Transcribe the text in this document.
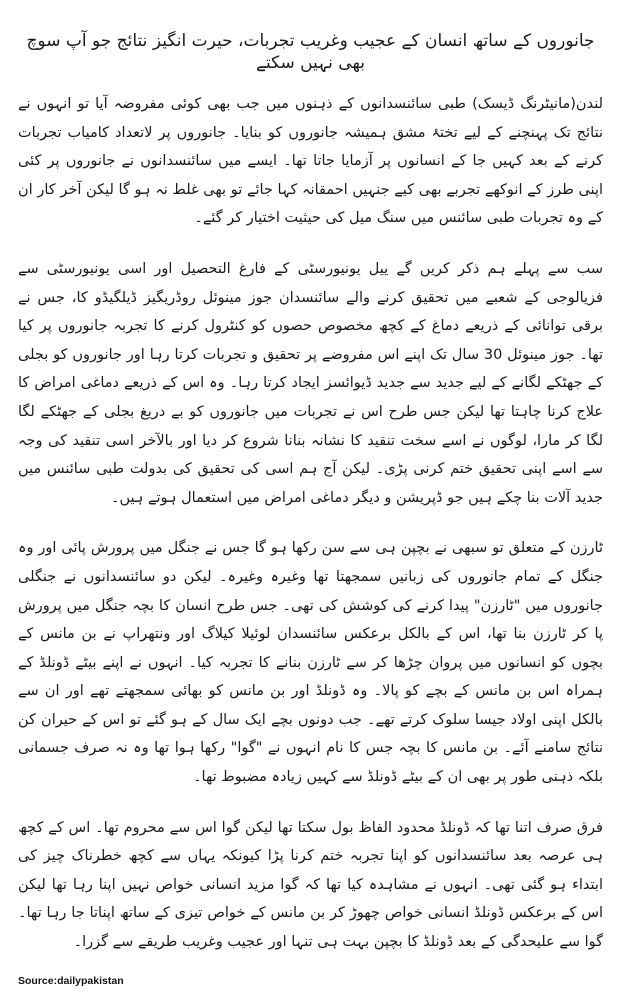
جانوروں کے ساتھ انسان کے عجیب وغریب تجربات، حیرت انگیز نتائج جو آپ سوچ بھی نہیں سکتے

لندن(مانیٹرنگ ڈیسک) طبی سائنسدانوں کے ذہنوں میں جب بھی کوئی مفروضہ آیا تو انہوں نے نتائج تک پہنچنے کے لیے تختۂ مشق ہمیشہ جانوروں کو بنایا۔ جانوروں پر لاتعداد کامیاب تجربات کرنے کے بعد کہیں جا کے انسانوں پر آزمایا جاتا تھا۔ ایسے میں سائنسدانوں نے جانوروں پر کئی اپنی طرز کے انوکھے تجربے بھی کیے جنہیں احمقانہ کہا جائے تو بھی غلط نہ ہو گا لیکن آخر کار ان کے وہ تجربات طبی سائنس میں سنگ میل کی حیثیت اختیار کر گئے۔

سب سے پہلے ہم ذکر کریں گے ییل یونیورسٹی کے فارغ التحصیل اور اسی یونیورسٹی سے فزیالوجی کے شعبے میں تحقیق کرنے والے سائنسدان جوز مینوئل روڈریگیز ڈیلگیڈو کا، جس نے برقی توانائی کے ذریعے دماغ کے کچھ مخصوص حصوں کو کنٹرول کرنے کا تجربہ جانوروں پر کیا تھا۔ جوز مینوئل 30 سال تک اپنے اس مفروضے پر تحقیق و تجربات کرتا رہا اور جانوروں کو بجلی کے جھٹکے لگانے کے لیے جدید سے جدید ڈیوائسز ایجاد کرتا رہا۔ وہ اس کے ذریعے دماغی امراض کا علاج کرنا چاہتا تھا لیکن جس طرح اس نے تجربات میں جانوروں کو بے دریغ بجلی کے جھٹکے لگا لگا کر مارا، لوگوں نے اسے سخت تنقید کا نشانہ بنانا شروع کر دیا اور بالآخر اسی تنقید کی وجہ سے اسے اپنی تحقیق ختم کرنی پڑی۔ لیکن آج ہم اسی کی تحقیق کی بدولت طبی سائنس میں جدید آلات بنا چکے ہیں جو ڈپریشن و دیگر دماغی امراض میں استعمال ہوتے ہیں۔

ٹارزن کے متعلق تو سبھی نے بچپن ہی سے سن رکھا ہو گا جس نے جنگل میں پرورش پائی اور وہ جنگل کے تمام جانوروں کی زبانیں سمجھتا تھا وغیرہ وغیرہ۔ لیکن دو سائنسدانوں نے جنگلی جانوروں میں "ٹارزن" پیدا کرنے کی کوشش کی تھی۔ جس طرح انسان کا بچہ جنگل میں پرورش پا کر ٹارزن بنا تھا، اس کے بالکل برعکس سائنسدان لوئیلا کیلاگ اور ونتھراپ نے بن مانس کے بچوں کو انسانوں میں پروان چڑھا کر سے ٹارزن بنانے کا تجربہ کیا۔ انہوں نے اپنے بیٹے ڈونلڈ کے ہمراہ اس بن مانس کے بچے کو پالا۔ وہ ڈونلڈ اور بن مانس کو بھائی سمجھتے تھے اور ان سے بالکل اپنی اولاد جیسا سلوک کرتے تھے۔ جب دونوں بچے ایک سال کے ہو گئے تو اس کے حیران کن نتائج سامنے آئے۔ بن مانس کا بچہ جس کا نام انہوں نے "گوا" رکھا ہوا تھا وہ نہ صرف جسمانی بلکہ ذہنی طور پر بھی ان کے بیٹے ڈونلڈ سے کہیں زیادہ مضبوط تھا۔

فرق صرف اتنا تھا کہ ڈونلڈ محدود الفاظ بول سکتا تھا لیکن گوا اس سے محروم تھا۔ اس کے کچھ ہی عرصہ بعد سائنسدانوں کو اپنا تجربہ ختم کرنا پڑا کیونکہ یہاں سے کچھ خطرناک چیز کی ابتداء ہو گئی تھی۔ انہوں نے مشاہدہ کیا تھا کہ گوا مزید انسانی خواص نہیں اپنا رہا تھا لیکن اس کے برعکس ڈونلڈ انسانی خواص چھوڑ کر بن مانس کے خواص تیزی کے ساتھ اپناتا جا رہا تھا۔ گوا سے علیحدگی کے بعد ڈونلڈ کا بچپن بہت ہی تنہا اور عجیب وغریب طریقے سے گزرا۔

Source:dailypakistan
